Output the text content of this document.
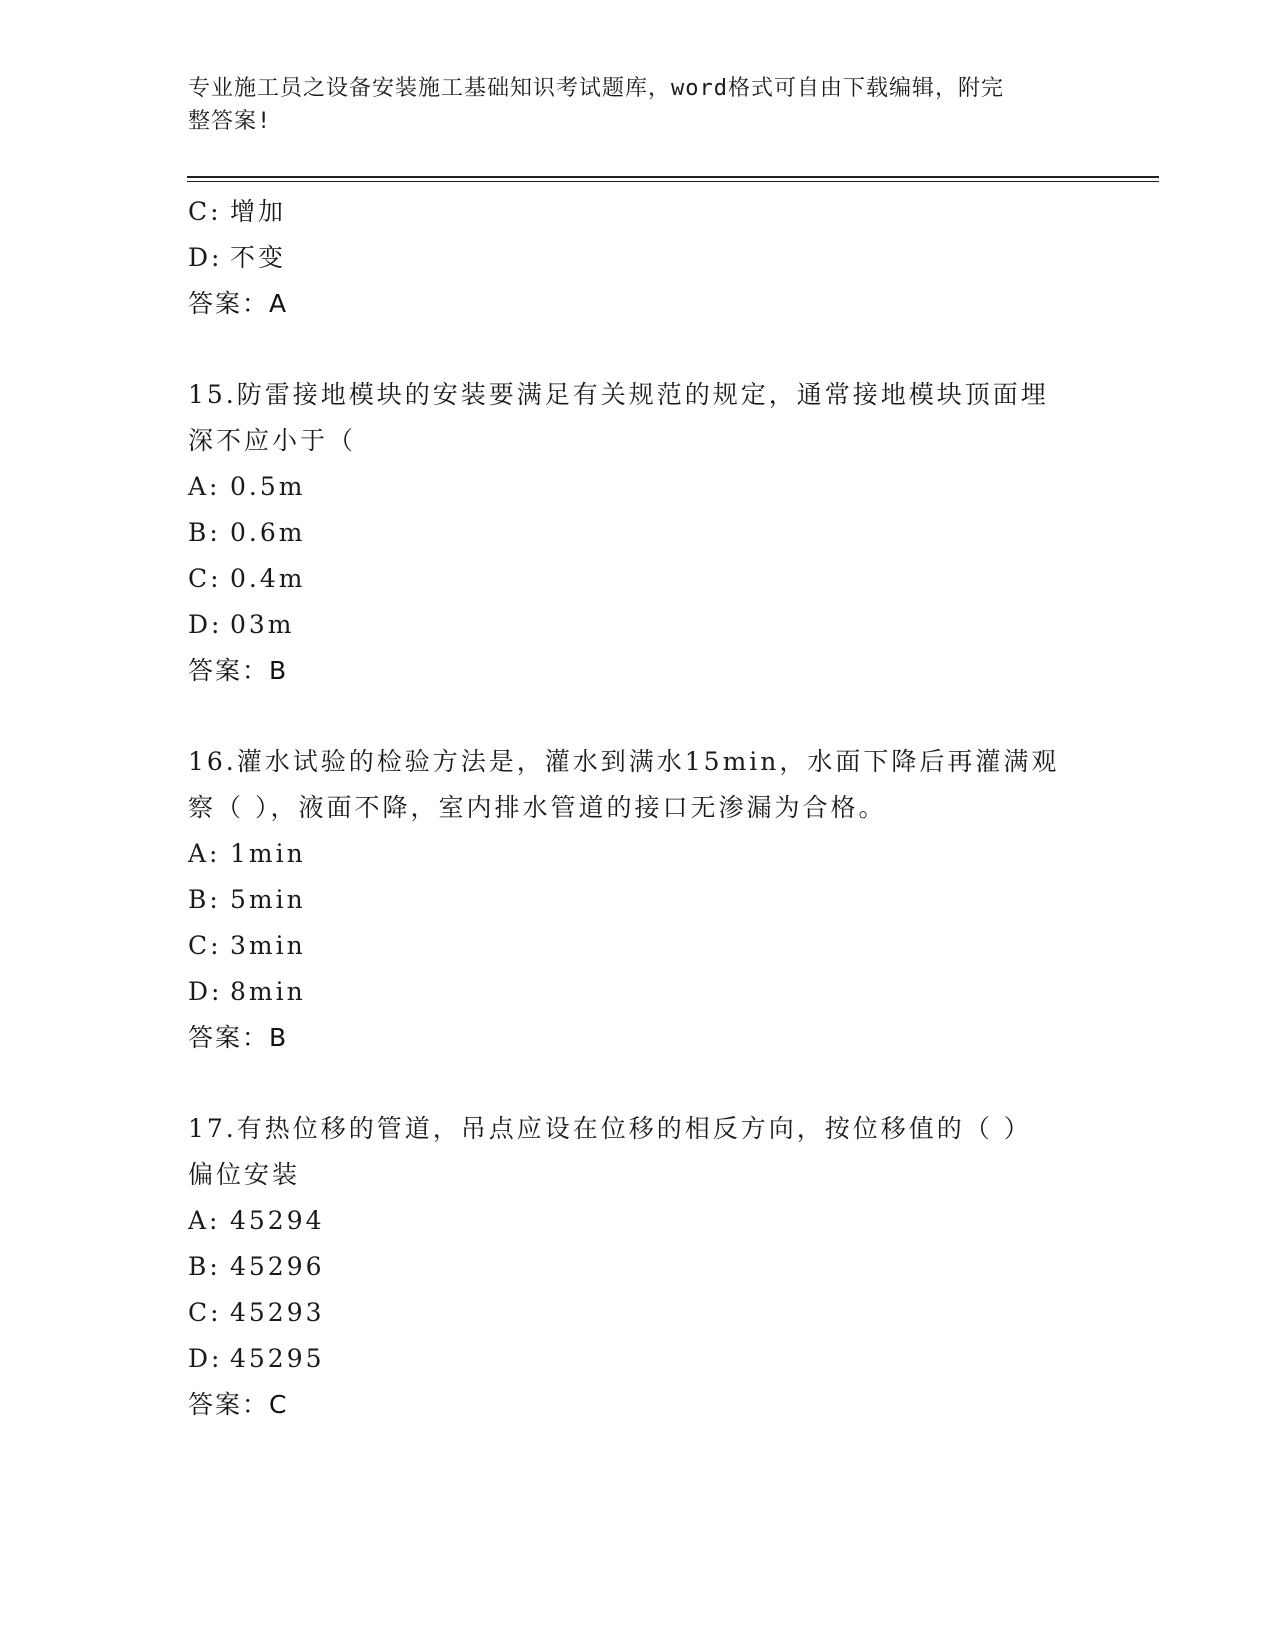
专业施工员之设备安装施工基础知识考试题库，word格式可自由下载编辑，附完
整答案!
C: 增加
D: 不变
答案：A
15.防雷接地模块的安装要满足有关规范的规定，通常接地模块顶面埋
深不应小于（
A: 0.5m
B: 0.6m
C: 0.4m
D: 03m
答案：B
16.灌水试验的检验方法是，灌水到满水15min，水面下降后再灌满观
察（ ），液面不降，室内排水管道的接口无渗漏为合格。
A: 1min
B: 5min
C: 3min
D: 8min
答案：B
17.有热位移的管道，吊点应设在位移的相反方向，按位移值的（ ）
偏位安装
A: 45294
B: 45296
C: 45293
D: 45295
答案：C
